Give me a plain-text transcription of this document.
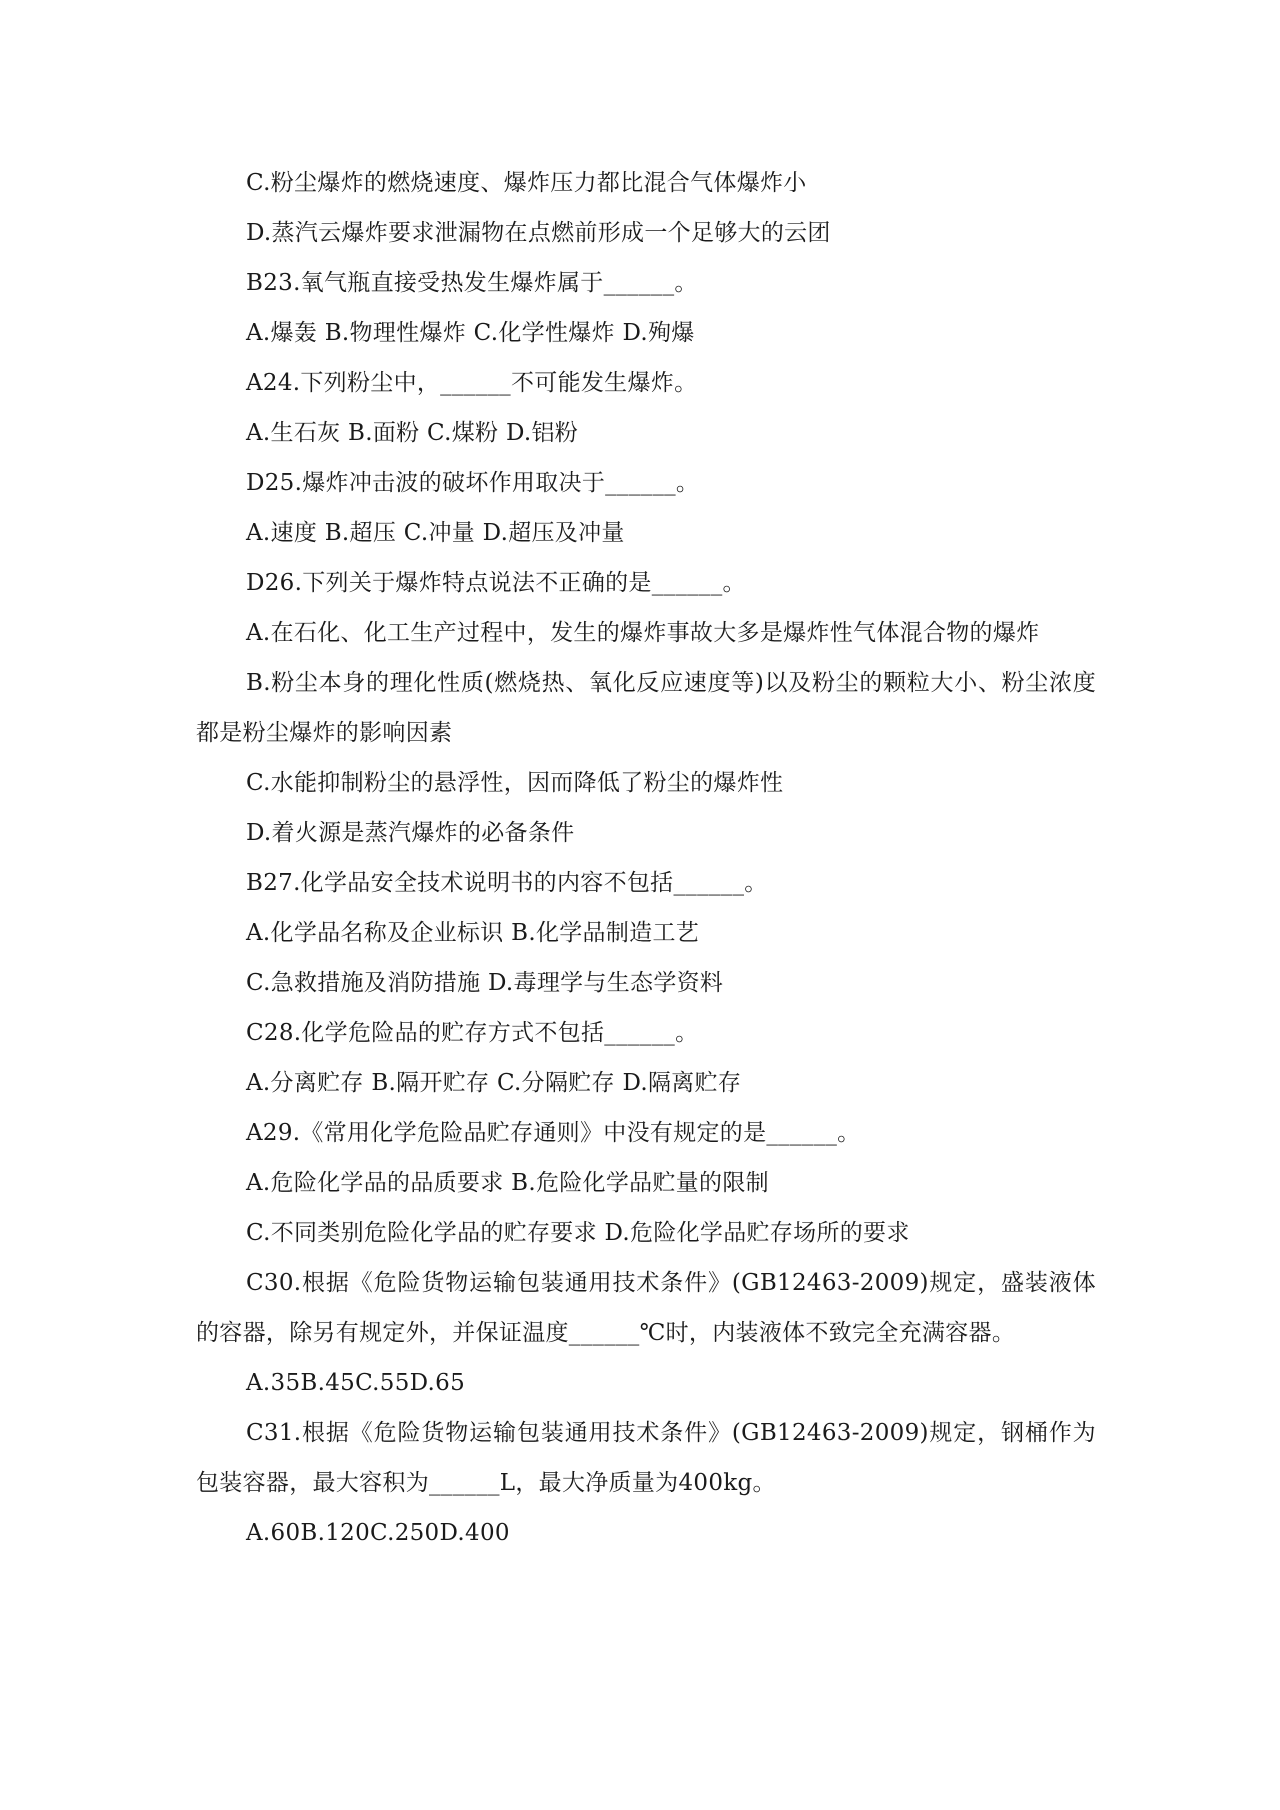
C.粉尘爆炸的燃烧速度、爆炸压力都比混合气体爆炸小
D.蒸汽云爆炸要求泄漏物在点燃前形成一个足够大的云团
B23.氧气瓶直接受热发生爆炸属于______。
A.爆轰 B.物理性爆炸 C.化学性爆炸 D.殉爆
A24.下列粉尘中，______不可能发生爆炸。
A.生石灰 B.面粉 C.煤粉 D.铝粉
D25.爆炸冲击波的破坏作用取决于______。
A.速度 B.超压 C.冲量 D.超压及冲量
D26.下列关于爆炸特点说法不正确的是______。

A.在石化、化工生产过程中，发生的爆炸事故大多是爆炸性气体混合物的爆炸

B.粉尘本身的理化性质(燃烧热、氧化反应速度等)以及粉尘的颗粒大小、粉尘浓度都是粉尘爆炸的影响因素

C.水能抑制粉尘的悬浮性，因而降低了粉尘的爆炸性
D.着火源是蒸汽爆炸的必备条件
B27.化学品安全技术说明书的内容不包括______。
A.化学品名称及企业标识 B.化学品制造工艺
C.急救措施及消防措施 D.毒理学与生态学资料
C28.化学危险品的贮存方式不包括______。
A.分离贮存 B.隔开贮存 C.分隔贮存 D.隔离贮存
A29.《常用化学危险品贮存通则》中没有规定的是______。
A.危险化学品的品质要求 B.危险化学品贮量的限制
C.不同类别危险化学品的贮存要求 D.危险化学品贮存场所的要求

C30.根据《危险货物运输包装通用技术条件》(GB12463-2009)规定，盛装液体的容器，除另有规定外，并保证温度______℃时，内装液体不致完全充满容器。

A.35B.45C.55D.65

C31.根据《危险货物运输包装通用技术条件》(GB12463-2009)规定，钢桶作为包装容器，最大容积为______L，最大净质量为400kg。

A.60B.120C.250D.400
